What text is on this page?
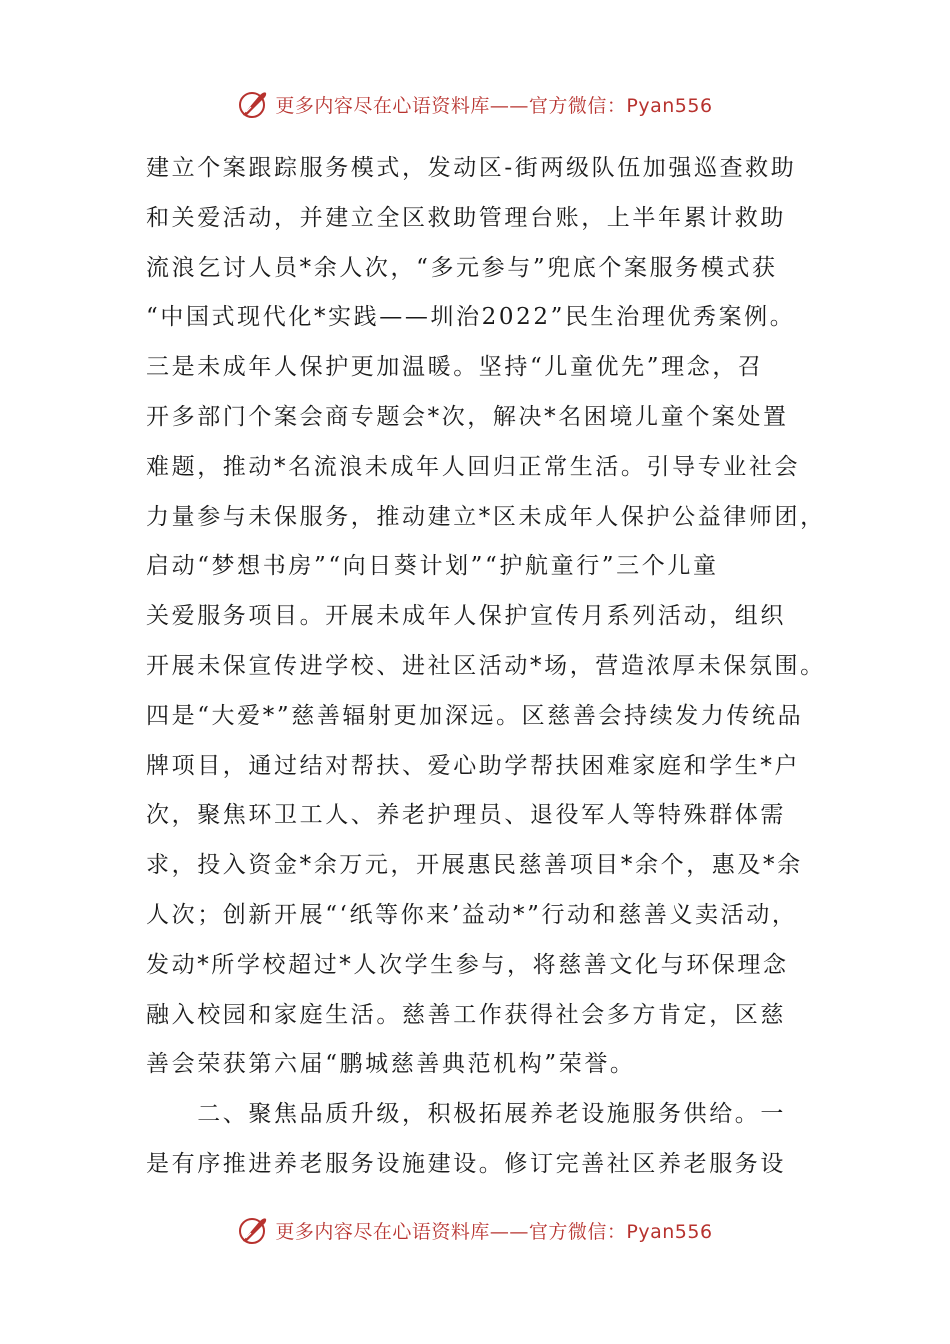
更多内容尽在心语资料库——官方微信：Pyan556
建立个案跟踪服务模式，发动区-街两级队伍加强巡查救助
和关爱活动，并建立全区救助管理台账，上半年累计救助
流浪乞讨人员*余人次，“多元参与”兜底个案服务模式获
“中国式现代化*实践——圳治2022”民生治理优秀案例。
三是未成年人保护更加温暖。坚持“儿童优先”理念，召
开多部门个案会商专题会*次，解决*名困境儿童个案处置
难题，推动*名流浪未成年人回归正常生活。引导专业社会
力量参与未保服务，推动建立*区未成年人保护公益律师团，
启动“梦想书房”“向日葵计划”“护航童行”三个儿童
关爱服务项目。开展未成年人保护宣传月系列活动，组织
开展未保宣传进学校、进社区活动*场，营造浓厚未保氛围。
四是“大爱*”慈善辐射更加深远。区慈善会持续发力传统品
牌项目，通过结对帮扶、爱心助学帮扶困难家庭和学生*户
次，聚焦环卫工人、养老护理员、退役军人等特殊群体需
求，投入资金*余万元，开展惠民慈善项目*余个，惠及*余
人次；创新开展“‘纸等你来’益动*”行动和慈善义卖活动，
发动*所学校超过*人次学生参与，将慈善文化与环保理念
融入校园和家庭生活。慈善工作获得社会多方肯定，区慈
善会荣获第六届“鹏城慈善典范机构”荣誉。
　　二、聚焦品质升级，积极拓展养老设施服务供给。一
是有序推进养老服务设施建设。修订完善社区养老服务设
更多内容尽在心语资料库——官方微信：Pyan556
